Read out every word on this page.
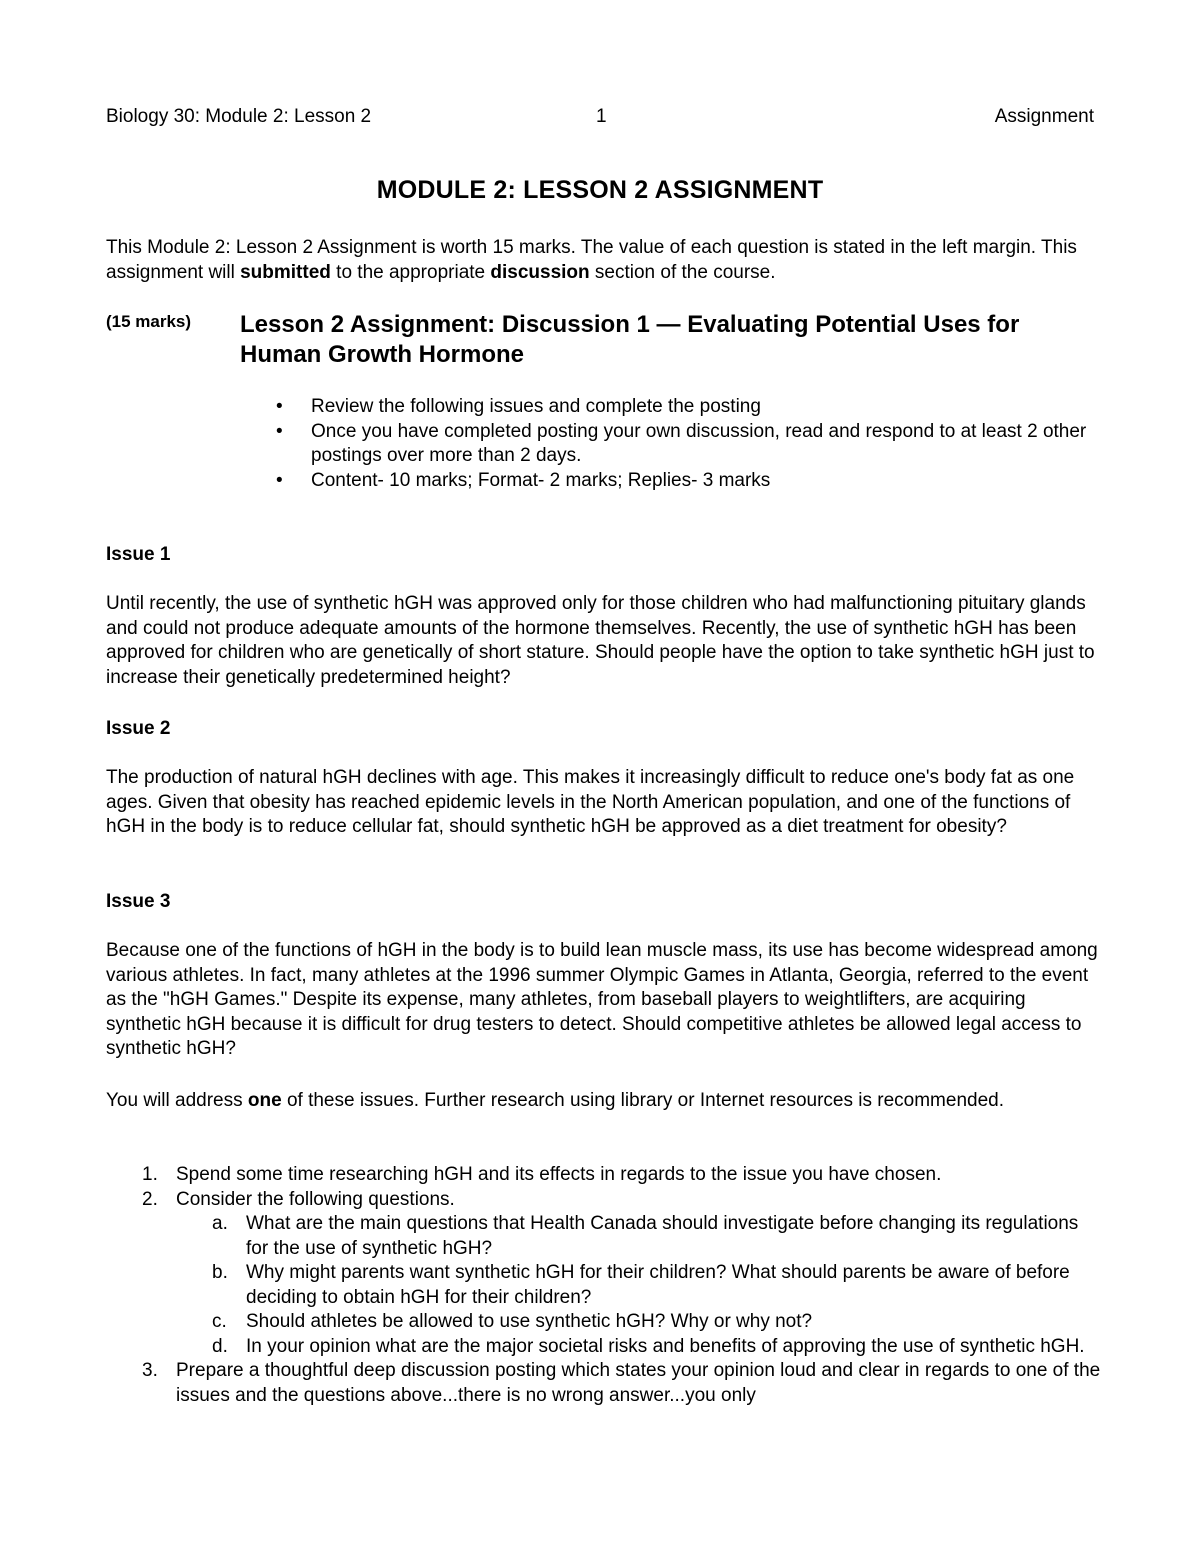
Biology 30: Module 2: Lesson 2	1	Assignment
MODULE 2: LESSON 2 ASSIGNMENT
This Module 2: Lesson 2 Assignment is worth 15 marks. The value of each question is stated in the left margin. This assignment will submitted to the appropriate discussion section of the course.
(15 marks) Lesson 2 Assignment: Discussion 1 — Evaluating Potential Uses for Human Growth Hormone
• Review the following issues and complete the posting
• Once you have completed posting your own discussion, read and respond to at least 2 other postings over more than 2 days.
• Content- 10 marks; Format- 2 marks; Replies- 3 marks
Issue 1
Until recently, the use of synthetic hGH was approved only for those children who had malfunctioning pituitary glands and could not produce adequate amounts of the hormone themselves. Recently, the use of synthetic hGH has been approved for children who are genetically of short stature. Should people have the option to take synthetic hGH just to increase their genetically predetermined height?
Issue 2
The production of natural hGH declines with age. This makes it increasingly difficult to reduce one's body fat as one ages. Given that obesity has reached epidemic levels in the North American population, and one of the functions of hGH in the body is to reduce cellular fat, should synthetic hGH be approved as a diet treatment for obesity?
Issue 3
Because one of the functions of hGH in the body is to build lean muscle mass, its use has become widespread among various athletes. In fact, many athletes at the 1996 summer Olympic Games in Atlanta, Georgia, referred to the event as the "hGH Games." Despite its expense, many athletes, from baseball players to weightlifters, are acquiring synthetic hGH because it is difficult for drug testers to detect. Should competitive athletes be allowed legal access to synthetic hGH?
You will address one of these issues. Further research using library or Internet resources is recommended.
1. Spend some time researching hGH and its effects in regards to the issue you have chosen.
2. Consider the following questions.
a. What are the main questions that Health Canada should investigate before changing its regulations for the use of synthetic hGH?
b. Why might parents want synthetic hGH for their children? What should parents be aware of before deciding to obtain hGH for their children?
c. Should athletes be allowed to use synthetic hGH? Why or why not?
d. In your opinion what are the major societal risks and benefits of approving the use of synthetic hGH.
3. Prepare a thoughtful deep discussion posting which states your opinion loud and clear in regards to one of the issues and the questions above...there is no wrong answer...you only
